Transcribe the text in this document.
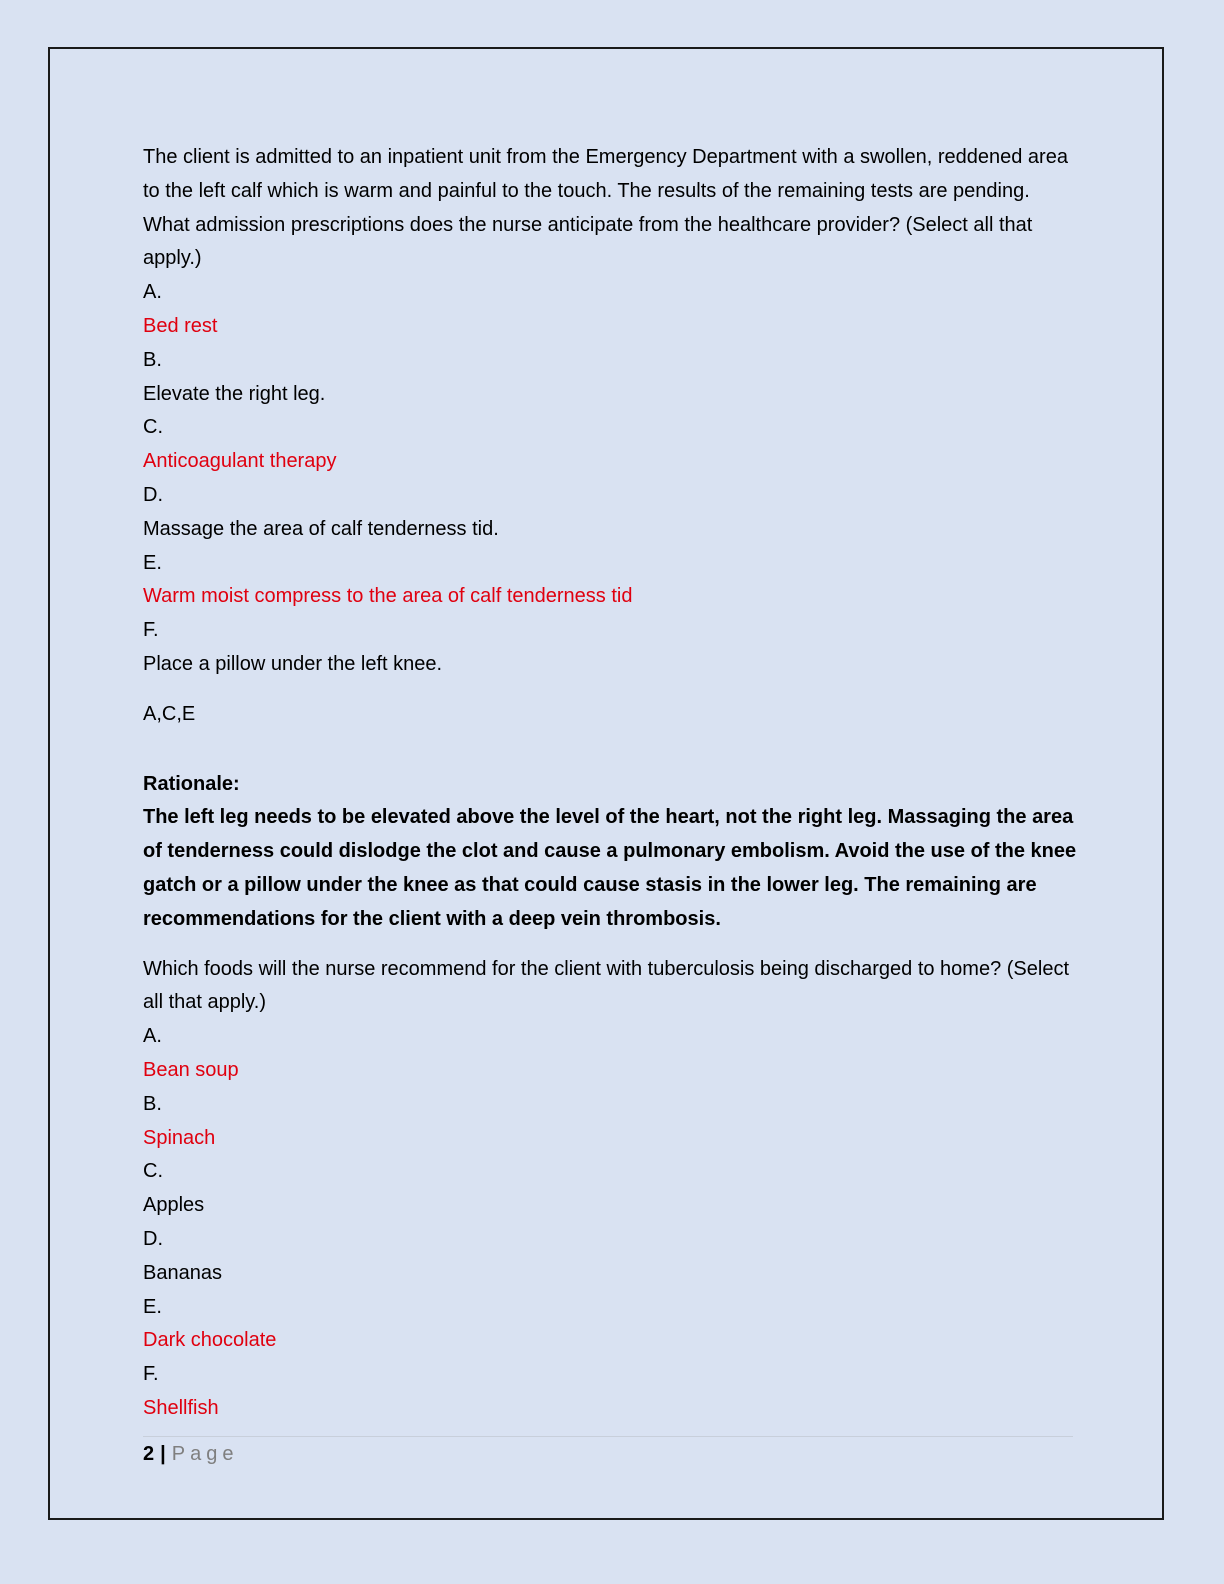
The client is admitted to an inpatient unit from the Emergency Department with a swollen, reddened area to the left calf which is warm and painful to the touch. The results of the remaining tests are pending. What admission prescriptions does the nurse anticipate from the healthcare provider? (Select all that apply.)

A.

Bed rest

B.

Elevate the right leg.

C.

Anticoagulant therapy

D.

Massage the area of calf tenderness tid.

E.

Warm moist compress to the area of calf tenderness tid

F.

Place a pillow under the left knee.

A,C,E

Rationale:

The left leg needs to be elevated above the level of the heart, not the right leg. Massaging the area of tenderness could dislodge the clot and cause a pulmonary embolism. Avoid the use of the knee gatch or a pillow under the knee as that could cause stasis in the lower leg. The remaining are recommendations for the client with a deep vein thrombosis.

Which foods will the nurse recommend for the client with tuberculosis being discharged to home? (Select all that apply.)

A.

Bean soup

B.

Spinach

C.

Apples

D.

Bananas

E.

Dark chocolate

F.

Shellfish

2 | Page
